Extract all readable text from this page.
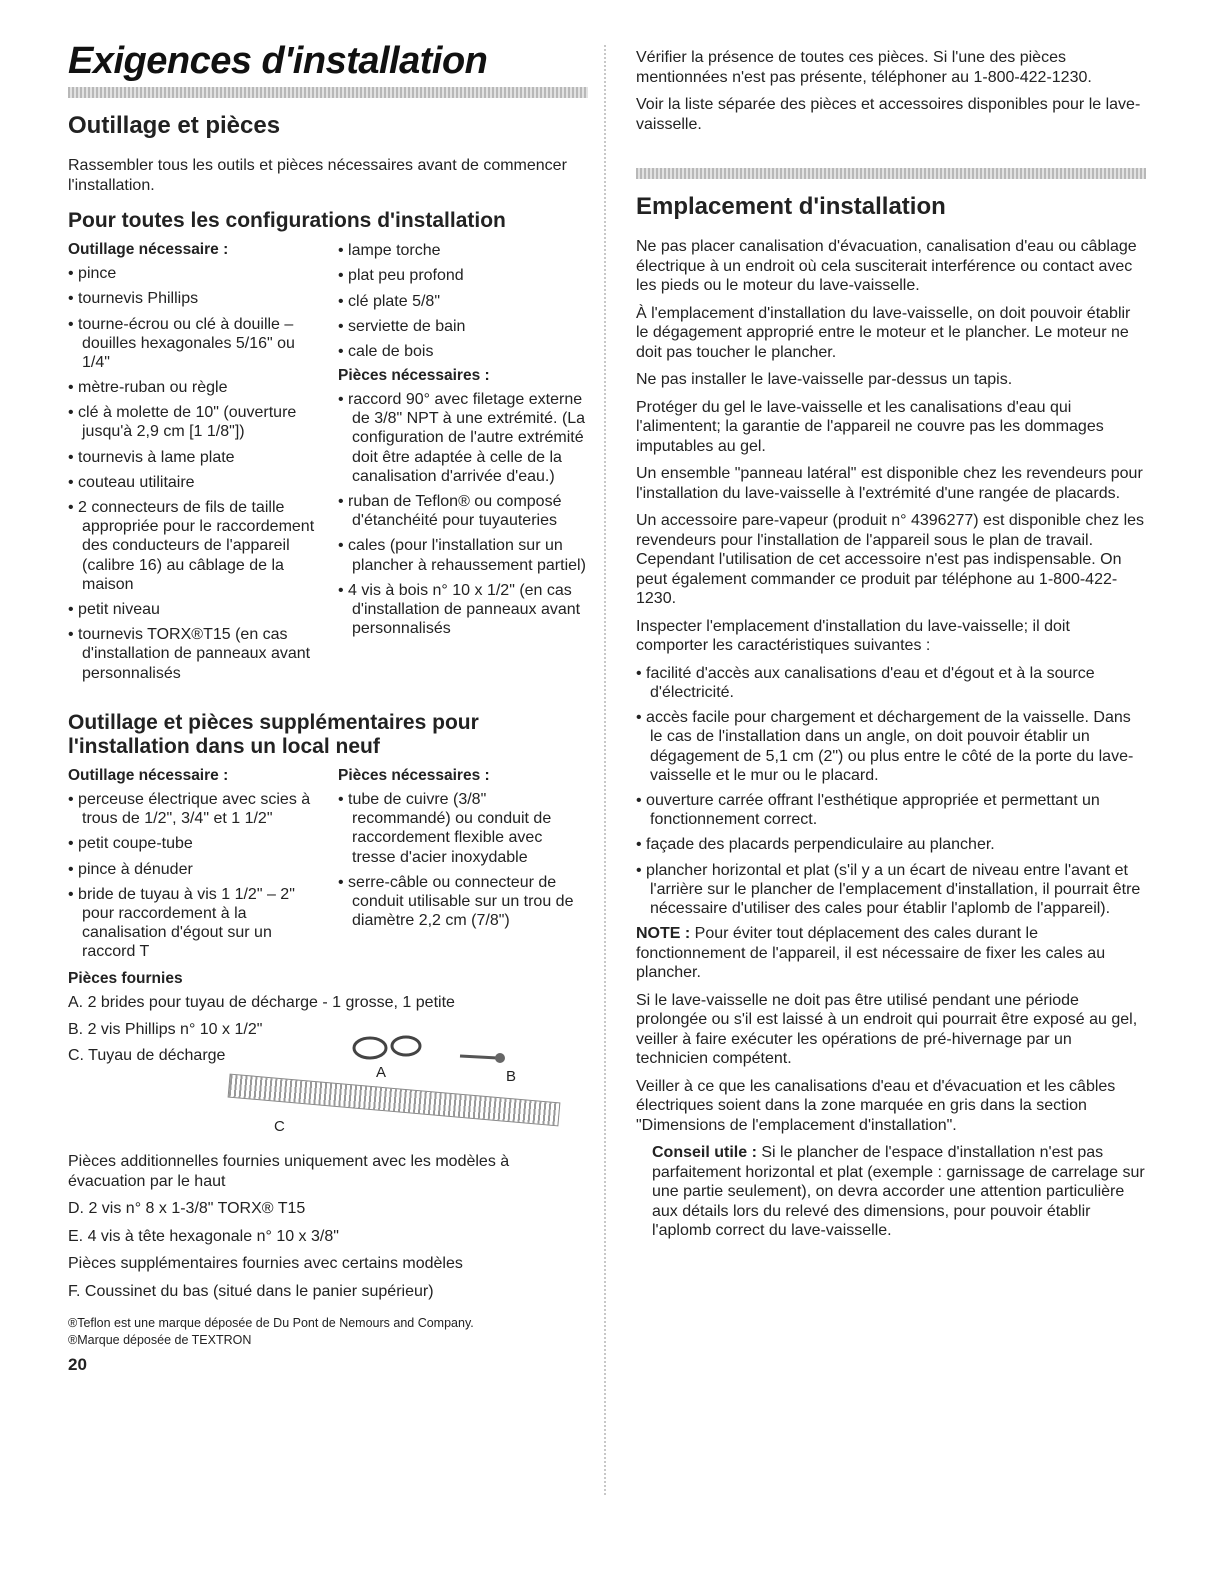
Exigences d'installation
Outillage et pièces

Rassembler tous les outils et pièces nécessaires avant de commencer l'installation.

Pour toutes les configurations d'installation
Outillage nécessaire :
• pince
• tournevis Phillips
• tourne-écrou ou clé à douille – douilles hexagonales 5/16" ou 1/4"
• mètre-ruban ou règle
• clé à molette de 10" (ouverture jusqu'à 2,9 cm [1 1/8"])
• tournevis à lame plate
• couteau utilitaire
• 2 connecteurs de fils de taille appropriée pour le raccordement des conducteurs de l'appareil (calibre 16) au câblage de la maison
• petit niveau
• tournevis TORX®T15 (en cas d'installation de panneaux avant personnalisés
• lampe torche
• plat peu profond
• clé plate 5/8"
• serviette de bain
• cale de bois
Pièces nécessaires :
• raccord 90° avec filetage externe de 3/8" NPT à une extrémité. (La configuration de l'autre extrémité doit être adaptée à celle de la canalisation d'arrivée d'eau.)
• ruban de Teflon® ou composé d'étanchéité pour tuyauteries
• cales (pour l'installation sur un plancher à rehaussement partiel)
• 4 vis à bois n° 10 x 1/2" (en cas d'installation de panneaux avant personnalisés
Outillage et pièces supplémentaires pour l'installation dans un local neuf
Outillage nécessaire :
• perceuse électrique avec scies à trous de 1/2", 3/4" et 1 1/2"
• petit coupe-tube
• pince à dénuder
• bride de tuyau à vis 1 1/2" – 2" pour raccordement à la canalisation d'égout sur un raccord T
Pièces nécessaires :
• tube de cuivre (3/8" recommandé) ou conduit de raccordement flexible avec tresse d'acier inoxydable
• serre-câble ou connecteur de conduit utilisable sur un trou de diamètre 2,2 cm (7/8")
Pièces fournies

A. 2 brides pour tuyau de décharge - 1 grosse, 1 petite

B. 2 vis Phillips n° 10 x 1/2"

C. Tuyau de décharge

A	B
C

Pièces additionnelles fournies uniquement avec les modèles à évacuation par le haut

D. 2 vis n° 8 x 1-3/8" TORX® T15

E. 4 vis à tête hexagonale n° 10 x 3/8"

Pièces supplémentaires fournies avec certains modèles

F. Coussinet du bas (situé dans le panier supérieur)

®Teflon est une marque déposée de Du Pont de Nemours and Company.

®Marque déposée de TEXTRON

20

Vérifier la présence de toutes ces pièces. Si l'une des pièces mentionnées n'est pas présente, téléphoner au 1-800-422-1230.

Voir la liste séparée des pièces et accessoires disponibles pour le lave-vaisselle.

Emplacement d'installation

Ne pas placer canalisation d'évacuation, canalisation d'eau ou câblage électrique à un endroit où cela susciterait interférence ou contact avec les pieds ou le moteur du lave-vaisselle.

À l'emplacement d'installation du lave-vaisselle, on doit pouvoir établir le dégagement approprié entre le moteur et le plancher. Le moteur ne doit pas toucher le plancher.

Ne pas installer le lave-vaisselle par-dessus un tapis.

Protéger du gel le lave-vaisselle et les canalisations d'eau qui l'alimentent; la garantie de l'appareil ne couvre pas les dommages imputables au gel.

Un ensemble "panneau latéral" est disponible chez les revendeurs pour l'installation du lave-vaisselle à l'extrémité d'une rangée de placards.

Un accessoire pare-vapeur (produit n° 4396277) est disponible chez les revendeurs pour l'installation de l'appareil sous le plan de travail. Cependant l'utilisation de cet accessoire n'est pas indispensable. On peut également commander ce produit par téléphone au 1-800-422-1230.

Inspecter l'emplacement d'installation du lave-vaisselle; il doit comporter les caractéristiques suivantes :

• facilité d'accès aux canalisations d'eau et d'égout et à la source d'électricité.
• accès facile pour chargement et déchargement de la vaisselle. Dans le cas de l'installation dans un angle, on doit pouvoir établir un dégagement de 5,1 cm (2") ou plus entre le côté de la porte du lave-vaisselle et le mur ou le placard.
• ouverture carrée offrant l'esthétique appropriée et permettant un fonctionnement correct.
• façade des placards perpendiculaire au plancher.
• plancher horizontal et plat (s'il y a un écart de niveau entre l'avant et l'arrière sur le plancher de l'emplacement d'installation, il pourrait être nécessaire d'utiliser des cales pour établir l'aplomb de l'appareil).

NOTE : Pour éviter tout déplacement des cales durant le fonctionnement de l'appareil, il est nécessaire de fixer les cales au plancher.

Si le lave-vaisselle ne doit pas être utilisé pendant une période prolongée ou s'il est laissé à un endroit qui pourrait être exposé au gel, veiller à faire exécuter les opérations de pré-hivernage par un technicien compétent.

Veiller à ce que les canalisations d'eau et d'évacuation et les câbles électriques soient dans la zone marquée en gris dans la section "Dimensions de l'emplacement d'installation".

Conseil utile : Si le plancher de l'espace d'installation n'est pas parfaitement horizontal et plat (exemple : garnissage de carrelage sur une partie seulement), on devra accorder une attention particulière aux détails lors du relevé des dimensions, pour pouvoir établir l'aplomb correct du lave-vaisselle.
